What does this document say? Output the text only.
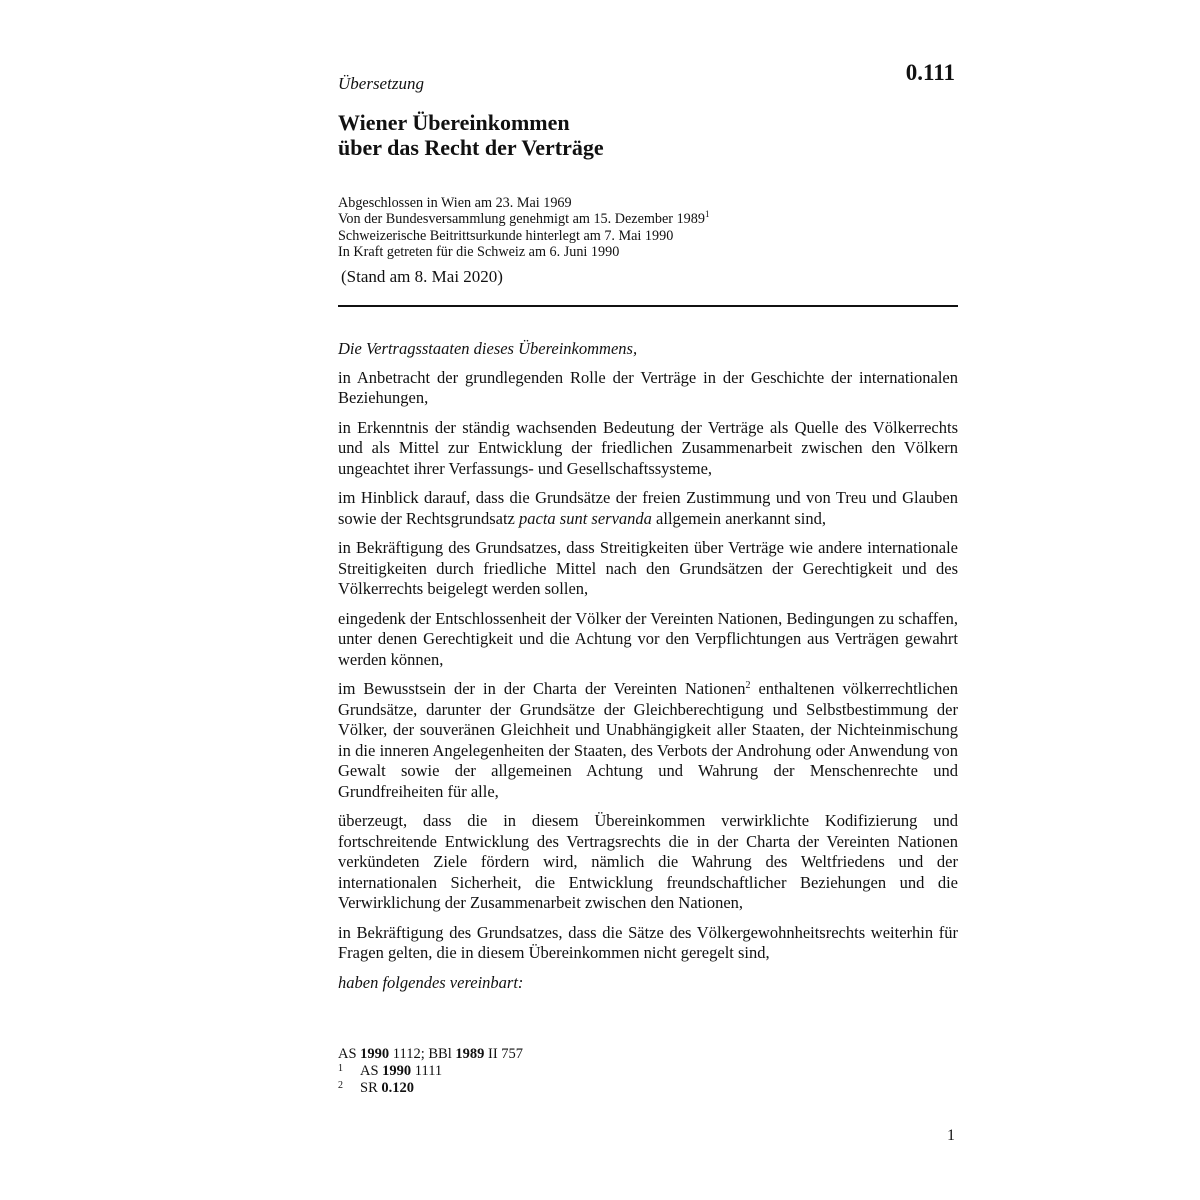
Übersetzung	0.111
Wiener Übereinkommen
über das Recht der Verträge
Abgeschlossen in Wien am 23. Mai 1969
Von der Bundesversammlung genehmigt am 15. Dezember 1989$^1$
Schweizerische Beitrittsurkunde hinterlegt am 7. Mai 1990
In Kraft getreten für die Schweiz am 6. Juni 1990
(Stand am 8. Mai 2020)

Die Vertragsstaaten dieses Übereinkommens,

in Anbetracht der grundlegenden Rolle der Verträge in der Geschichte der internationalen Beziehungen,

in Erkenntnis der ständig wachsenden Bedeutung der Verträge als Quelle des Völkerrechts und als Mittel zur Entwicklung der friedlichen Zusammenarbeit zwischen den Völkern ungeachtet ihrer Verfassungs- und Gesellschaftssysteme,

im Hinblick darauf, dass die Grundsätze der freien Zustimmung und von Treu und Glauben sowie der Rechtsgrundsatz pacta sunt servanda allgemein anerkannt sind,

in Bekräftigung des Grundsatzes, dass Streitigkeiten über Verträge wie andere internationale Streitigkeiten durch friedliche Mittel nach den Grundsätzen der Gerechtigkeit und des Völkerrechts beigelegt werden sollen,

eingedenk der Entschlossenheit der Völker der Vereinten Nationen, Bedingungen zu schaffen, unter denen Gerechtigkeit und die Achtung vor den Verpflichtungen aus Verträgen gewahrt werden können,

im Bewusstsein der in der Charta der Vereinten Nationen$^2$ enthaltenen völkerrechtlichen Grundsätze, darunter der Grundsätze der Gleichberechtigung und Selbstbestimmung der Völker, der souveränen Gleichheit und Unabhängigkeit aller Staaten, der Nichteinmischung in die inneren Angelegenheiten der Staaten, des Verbots der Androhung oder Anwendung von Gewalt sowie der allgemeinen Achtung und Wahrung der Menschenrechte und Grundfreiheiten für alle,

überzeugt, dass die in diesem Übereinkommen verwirklichte Kodifizierung und fortschreitende Entwicklung des Vertragsrechts die in der Charta der Vereinten Nationen verkündeten Ziele fördern wird, nämlich die Wahrung des Weltfriedens und der internationalen Sicherheit, die Entwicklung freundschaftlicher Beziehungen und die Verwirklichung der Zusammenarbeit zwischen den Nationen,

in Bekräftigung des Grundsatzes, dass die Sätze des Völkergewohnheitsrechts weiterhin für Fragen gelten, die in diesem Übereinkommen nicht geregelt sind,

haben folgendes vereinbart:

AS 1990 1112; BBl 1989 II 757
1	AS 1990 1111
2	SR 0.120
1
